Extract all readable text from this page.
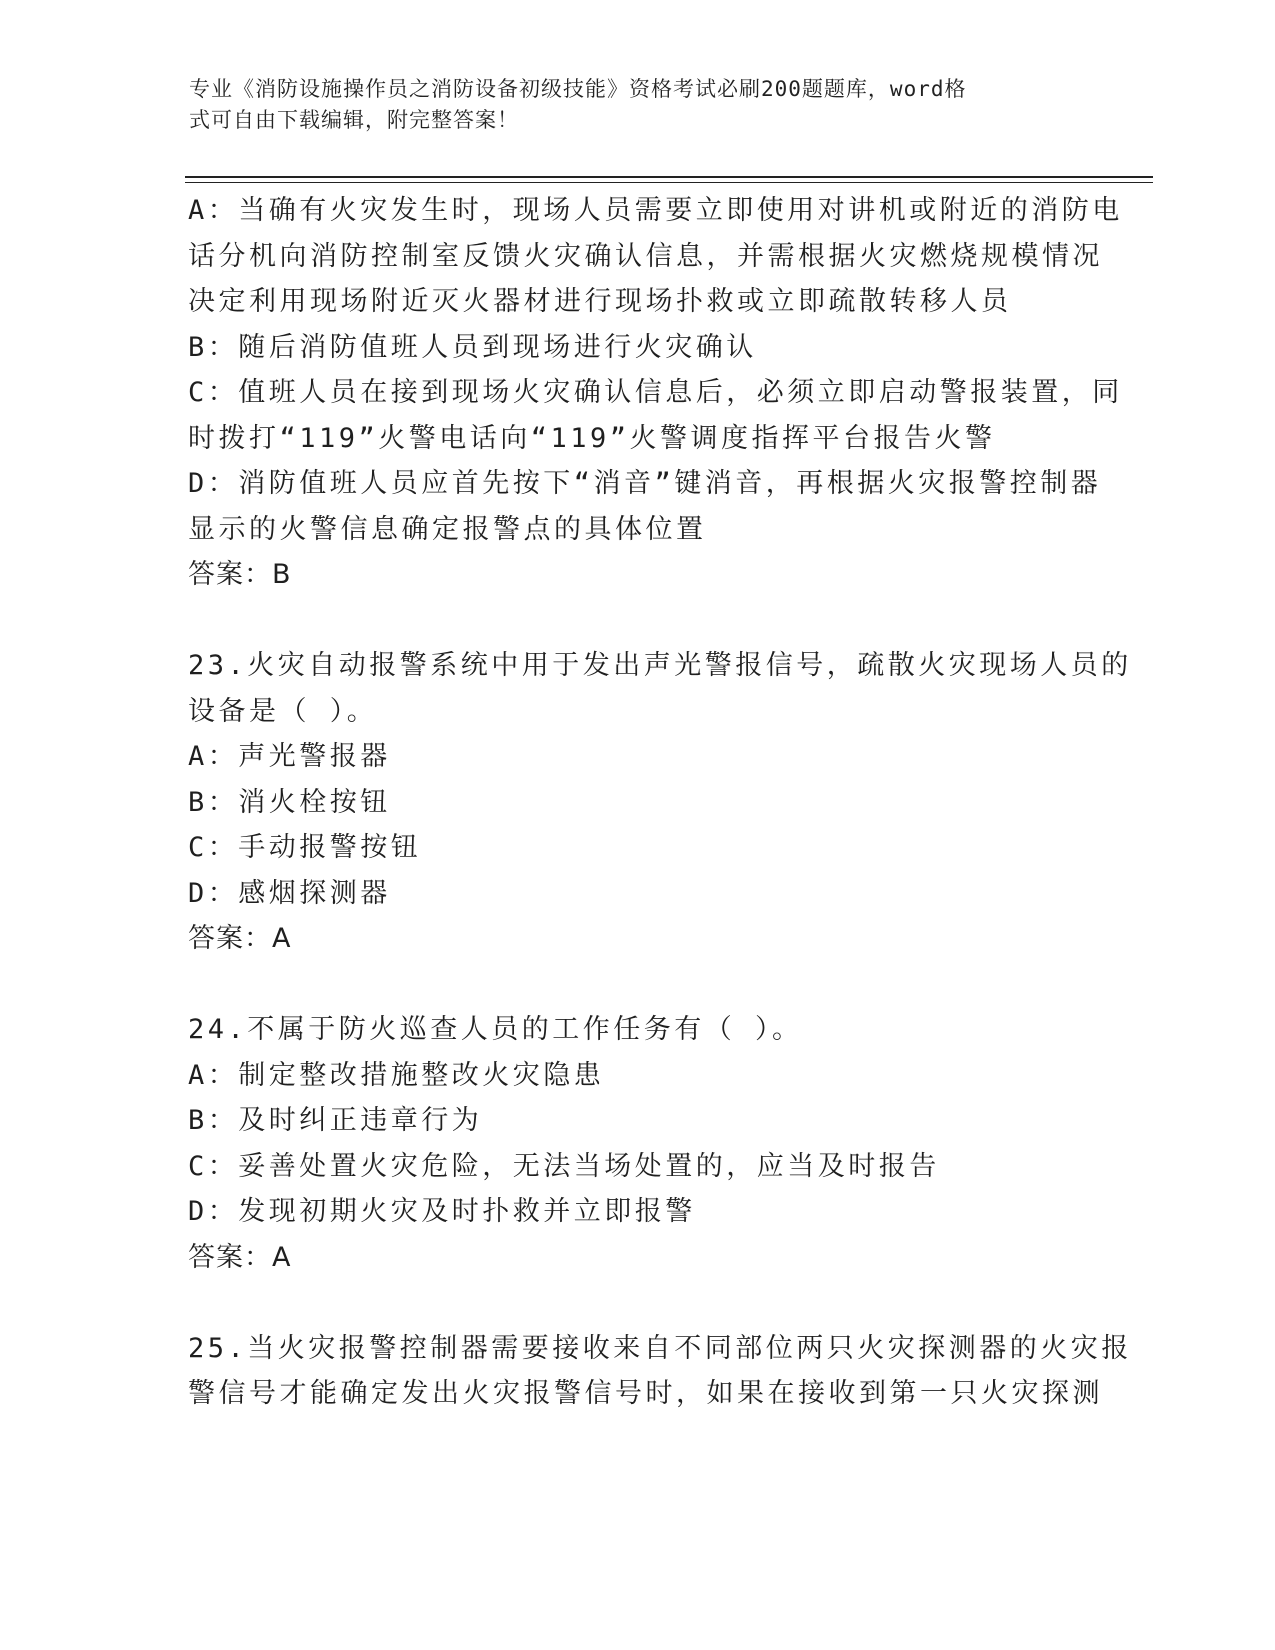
专业《消防设施操作员之消防设备初级技能》资格考试必刷200题题库，word格
式可自由下载编辑，附完整答案！
A：当确有火灾发生时，现场人员需要立即使用对讲机或附近的消防电
话分机向消防控制室反馈火灾确认信息，并需根据火灾燃烧规模情况
决定利用现场附近灭火器材进行现场扑救或立即疏散转移人员
B：随后消防值班人员到现场进行火灾确认
C：值班人员在接到现场火灾确认信息后，必须立即启动警报装置，同
时拨打“119”火警电话向“119”火警调度指挥平台报告火警
D：消防值班人员应首先按下“消音”键消音，再根据火灾报警控制器
显示的火警信息确定报警点的具体位置
答案：B
23.火灾自动报警系统中用于发出声光警报信号，疏散火灾现场人员的
设备是（ ）。
A：声光警报器
B：消火栓按钮
C：手动报警按钮
D：感烟探测器
答案：A
24.不属于防火巡查人员的工作任务有（ ）。
A：制定整改措施整改火灾隐患
B：及时纠正违章行为
C：妥善处置火灾危险，无法当场处置的，应当及时报告
D：发现初期火灾及时扑救并立即报警
答案：A
25.当火灾报警控制器需要接收来自不同部位两只火灾探测器的火灾报
警信号才能确定发出火灾报警信号时，如果在接收到第一只火灾探测
